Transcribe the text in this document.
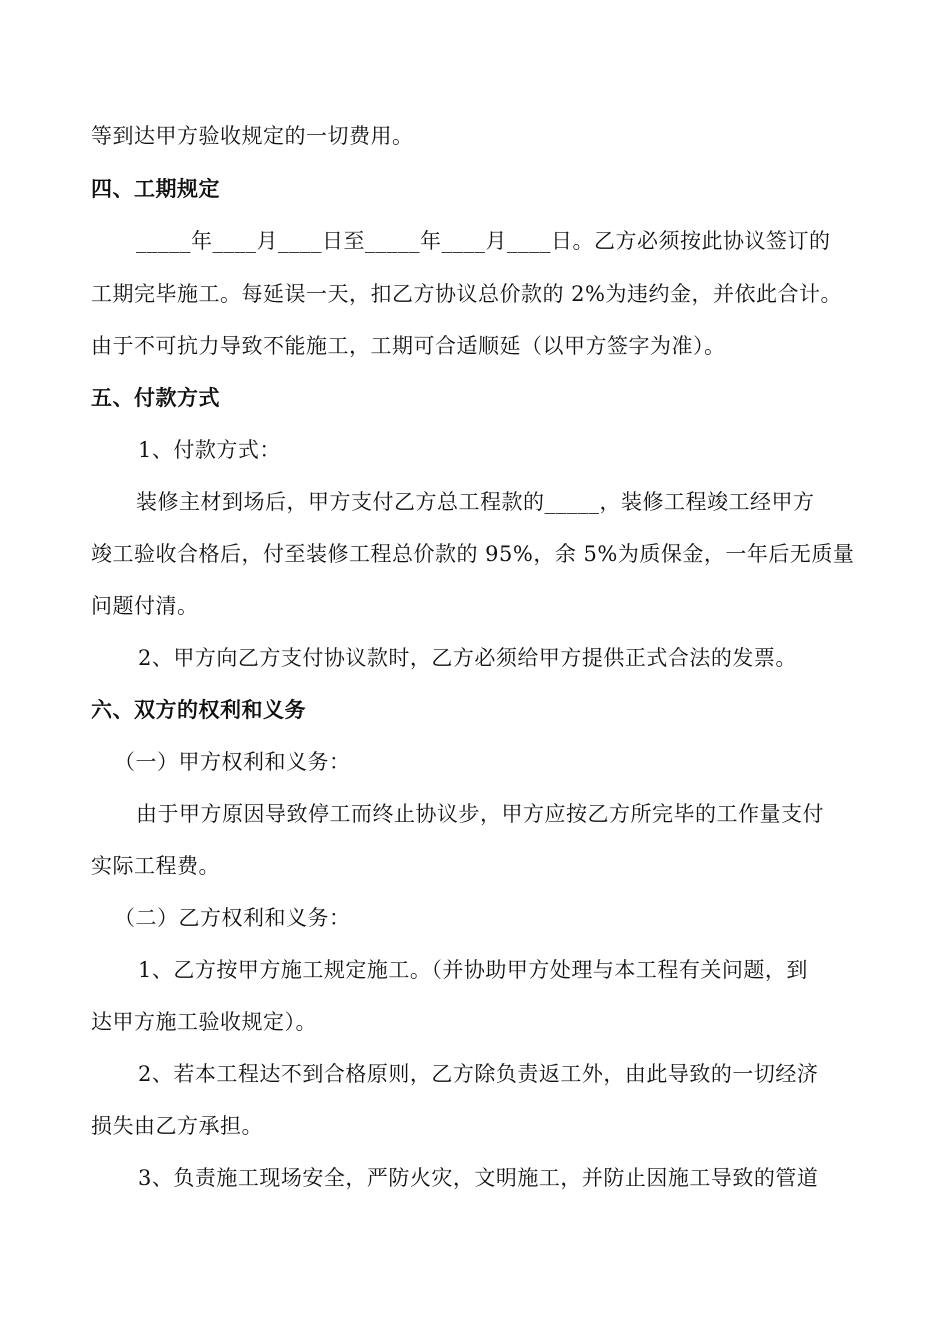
等到达甲方验收规定的一切费用。
四、工期规定
_____年____月____日至_____年____月____日。乙方必须按此协议签订的
工期完毕施工。每延误一天，扣乙方协议总价款的 2%为违约金，并依此合计。
由于不可抗力导致不能施工，工期可合适顺延（以甲方签字为准）。
五、付款方式
1、付款方式：
装修主材到场后，甲方支付乙方总工程款的_____，装修工程竣工经甲方
竣工验收合格后，付至装修工程总价款的 95%，余 5%为质保金，一年后无质量
问题付清。
2、甲方向乙方支付协议款时，乙方必须给甲方提供正式合法的发票。
六、双方的权利和义务
（一）甲方权利和义务：
由于甲方原因导致停工而终止协议步，甲方应按乙方所完毕的工作量支付
实际工程费。
（二）乙方权利和义务：
1、乙方按甲方施工规定施工。（并协助甲方处理与本工程有关问题，到
达甲方施工验收规定）。
2、若本工程达不到合格原则，乙方除负责返工外，由此导致的一切经济
损失由乙方承担。
3、负责施工现场安全，严防火灾，文明施工，并防止因施工导致的管道
